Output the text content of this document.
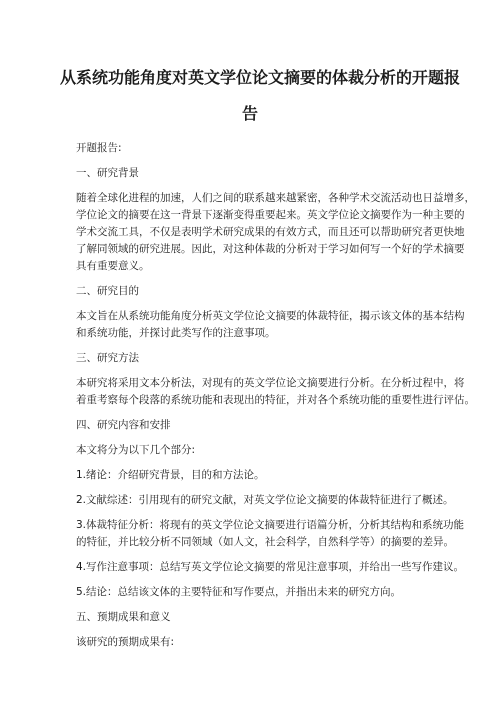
从系统功能角度对英文学位论文摘要的体裁分析的开题报
告

开题报告:

一、研究背景

随着全球化进程的加速，人们之间的联系越来越紧密，各种学术交流活动也日益增多，

学位论文的摘要在这一背景下逐渐变得重要起来。英文学位论文摘要作为一种主要的

学术交流工具，不仅是表明学术研究成果的有效方式，而且还可以帮助研究者更快地

了解同领域的研究进展。因此，对这种体裁的分析对于学习如何写一个好的学术摘要

具有重要意义。

二、研究目的

本文旨在从系统功能角度分析英文学位论文摘要的体裁特征，揭示该文体的基本结构

和系统功能，并探讨此类写作的注意事项。

三、研究方法

本研究将采用文本分析法，对现有的英文学位论文摘要进行分析。在分析过程中，将

着重考察每个段落的系统功能和表现出的特征，并对各个系统功能的重要性进行评估。

四、研究内容和安排

本文将分为以下几个部分:

1.绪论：介绍研究背景，目的和方法论。

2.文献综述：引用现有的研究文献，对英文学位论文摘要的体裁特征进行了概述。

3.体裁特征分析：将现有的英文学位论文摘要进行语篇分析，分析其结构和系统功能

的特征，并比较分析不同领域（如人文，社会科学，自然科学等）的摘要的差异。

4.写作注意事项：总结写英文学位论文摘要的常见注意事项，并给出一些写作建议。

5.结论：总结该文体的主要特征和写作要点，并指出未来的研究方向。

五、预期成果和意义

该研究的预期成果有:
